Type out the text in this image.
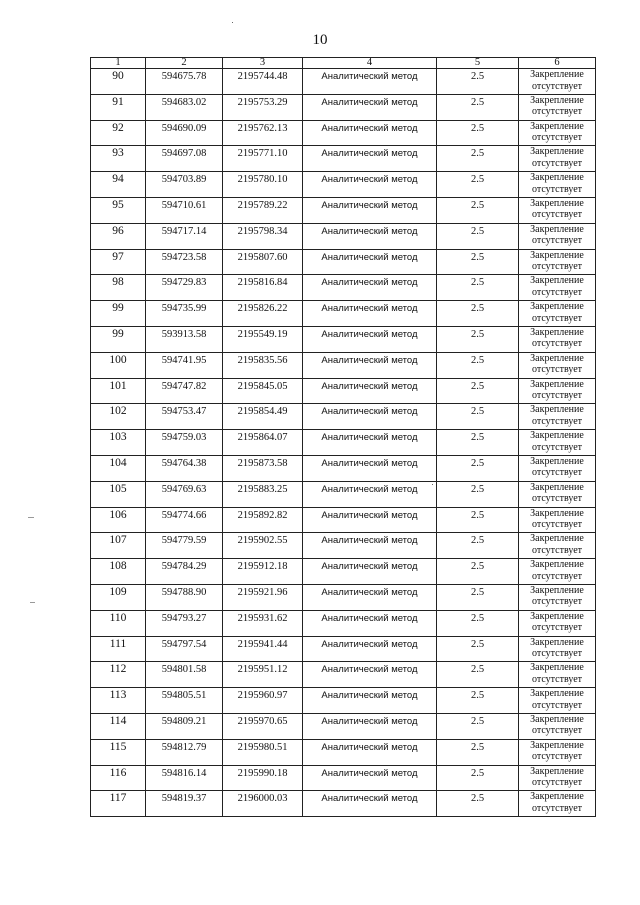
10
1	2	3	4	5	6
90	594675.78	2195744.48	Аналитический метод	2.5	Закрепление отсутствует
91	594683.02	2195753.29	Аналитический метод	2.5	Закрепление отсутствует
92	594690.09	2195762.13	Аналитический метод	2.5	Закрепление отсутствует
93	594697.08	2195771.10	Аналитический метод	2.5	Закрепление отсутствует
94	594703.89	2195780.10	Аналитический метод	2.5	Закрепление отсутствует
95	594710.61	2195789.22	Аналитический метод	2.5	Закрепление отсутствует
96	594717.14	2195798.34	Аналитический метод	2.5	Закрепление отсутствует
97	594723.58	2195807.60	Аналитический метод	2.5	Закрепление отсутствует
98	594729.83	2195816.84	Аналитический метод	2.5	Закрепление отсутствует
99	594735.99	2195826.22	Аналитический метод	2.5	Закрепление отсутствует
99	593913.58	2195549.19	Аналитический метод	2.5	Закрепление отсутствует
100	594741.95	2195835.56	Аналитический метод	2.5	Закрепление отсутствует
101	594747.82	2195845.05	Аналитический метод	2.5	Закрепление отсутствует
102	594753.47	2195854.49	Аналитический метод	2.5	Закрепление отсутствует
103	594759.03	2195864.07	Аналитический метод	2.5	Закрепление отсутствует
104	594764.38	2195873.58	Аналитический метод	2.5	Закрепление отсутствует
105	594769.63	2195883.25	Аналитический метод	2.5	Закрепление отсутствует
106	594774.66	2195892.82	Аналитический метод	2.5	Закрепление отсутствует
107	594779.59	2195902.55	Аналитический метод	2.5	Закрепление отсутствует
108	594784.29	2195912.18	Аналитический метод	2.5	Закрепление отсутствует
109	594788.90	2195921.96	Аналитический метод	2.5	Закрепление отсутствует
110	594793.27	2195931.62	Аналитический метод	2.5	Закрепление отсутствует
111	594797.54	2195941.44	Аналитический метод	2.5	Закрепление отсутствует
112	594801.58	2195951.12	Аналитический метод	2.5	Закрепление отсутствует
113	594805.51	2195960.97	Аналитический метод	2.5	Закрепление отсутствует
114	594809.21	2195970.65	Аналитический метод	2.5	Закрепление отсутствует
115	594812.79	2195980.51	Аналитический метод	2.5	Закрепление отсутствует
116	594816.14	2195990.18	Аналитический метод	2.5	Закрепление отсутствует
117	594819.37	2196000.03	Аналитический метод	2.5	Закрепление отсутствует
